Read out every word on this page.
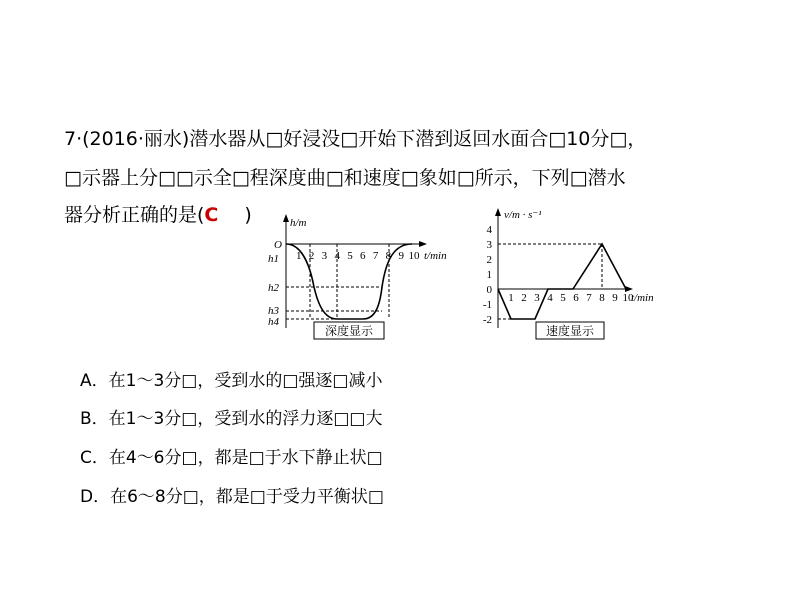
7·(2016·丽水)潜水器从□好浸没□开始下潜到返回水面合□10分□，
□示器上分□□示全□程深度曲□和速度□象如□所示，下列□潜水
器分析正确的是(C )	h/m
t/min
O
h1
h2
h3
h4
1 2 3 4 5 6 7 8 9 10
深度显示
v/m · s⁻¹
t/min
4
3
2
1
0
-1
-2
1 2 3 4 5 6 7 8 9 10
速度显示
A．在1～3分□，受到水的□强逐□减小
B．在1～3分□，受到水的浮力逐□□大
C．在4～6分□，都是□于水下静止状□
D．在6～8分□，都是□于受力平衡状□
